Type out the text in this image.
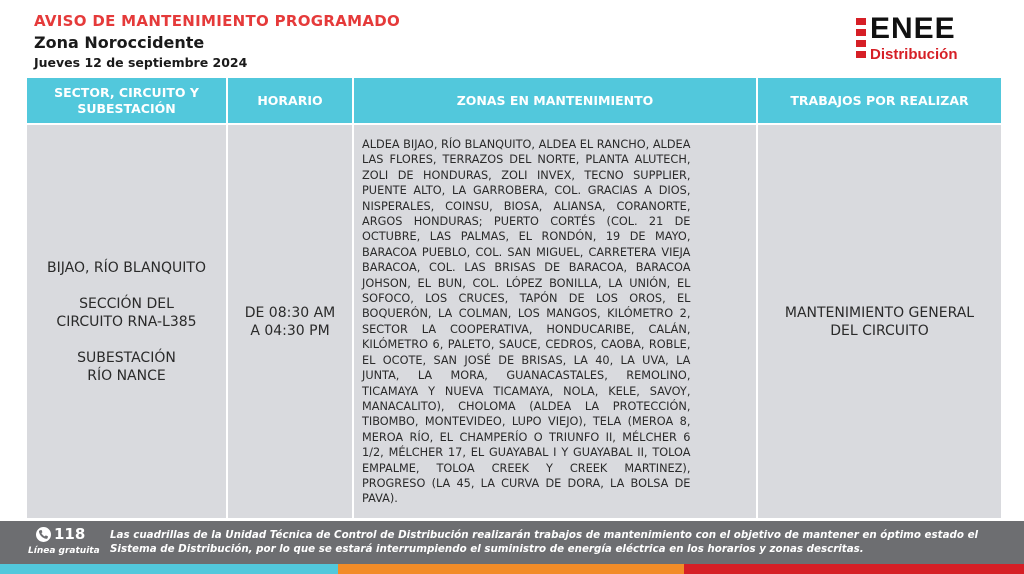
AVISO DE MANTENIMIENTO PROGRAMADO
Zona Noroccidente
Jueves 12 de septiembre 2024
ENEE
Distribución
SECTOR, CIRCUITO Y
SUBESTACIÓN
HORARIO	ZONAS EN MANTENIMIENTO	TRABAJOS POR REALIZAR

BIJAO, RÍO BLANQUITO

SECCIÓN DEL
CIRCUITO RNA-L385

SUBESTACIÓN
RÍO NANCE

DE 08:30 AM
A 04:30 PM
ALDEA BIJAO, RÍO BLANQUITO, ALDEA EL RANCHO, ALDEA
LAS FLORES, TERRAZOS DEL NORTE, PLANTA ALUTECH,
ZOLI DE HONDURAS, ZOLI INVEX, TECNO SUPPLIER,
PUENTE ALTO, LA GARROBERA, COL. GRACIAS A DIOS,
NISPERALES, COINSU, BIOSA, ALIANSA, CORANORTE,
ARGOS HONDURAS; PUERTO CORTÉS (COL. 21 DE
OCTUBRE, LAS PALMAS, EL RONDÓN, 19 DE MAYO,
BARACOA PUEBLO, COL. SAN MIGUEL, CARRETERA VIEJA
BARACOA, COL. LAS BRISAS DE BARACOA, BARACOA
JOHSON, EL BUN, COL. LÓPEZ BONILLA, LA UNIÓN, EL
SOFOCO, LOS CRUCES, TAPÓN DE LOS OROS, EL
BOQUERÓN, LA COLMAN, LOS MANGOS, KILÓMETRO 2,
SECTOR LA COOPERATIVA, HONDUCARIBE, CALÁN,
KILÓMETRO 6, PALETO, SAUCE, CEDROS, CAOBA, ROBLE,
EL OCOTE, SAN JOSÉ DE BRISAS, LA 40, LA UVA, LA
JUNTA, LA MORA, GUANACASTALES, REMOLINO,
TICAMAYA Y NUEVA TICAMAYA, NOLA, KELE, SAVOY,
MANACALITO), CHOLOMA (ALDEA LA PROTECCIÓN,
TIBOMBO, MONTEVIDEO, LUPO VIEJO), TELA (MEROA 8,
MEROA RÍO, EL CHAMPERÍO O TRIUNFO II, MÉLCHER 6
1/2, MÉLCHER 17, EL GUAYABAL I Y GUAYABAL II, TOLOA
EMPALME, TOLOA CREEK Y CREEK MARTINEZ),
PROGRESO (LA 45, LA CURVA DE DORA, LA BOLSA DE
PAVA).
MANTENIMIENTO GENERAL
DEL CIRCUITO
118
Línea gratuita
Las cuadrillas de la Unidad Técnica de Control de Distribución realizarán trabajos de mantenimiento con el objetivo de mantener en óptimo estado el
Sistema de Distribución, por lo que se estará interrumpiendo el suministro de energía eléctrica en los horarios y zonas descritas.
